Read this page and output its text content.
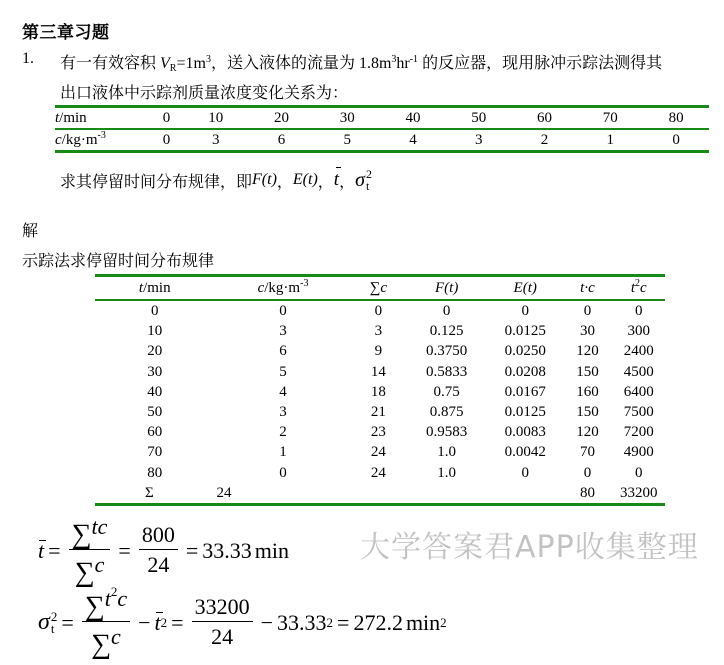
第三章习题
1. 有一有效容积 $V_R=1m^3$，送入液体的流量为 $1.8m^3hr^{-1}$ 的反应器，现用脉冲示踪法测得其
出口液体中示踪剂质量浓度变化关系为：
t/min	0	10	20	30	40	50	60	70	80
$c/kg\cdot m^{-3}$	0	3	6	5	4	3	2	1	0
求其停留时间分布规律，即 F(t) ， E(t) ， t ， σ 2
t
解
示踪法求停留时间分布规律
t/min	$c/kg\cdot m^{-3}$	∑c	F(t)	E(t)	t·c	$t^2c$
0	0	0	0	0	0	0
10	3	3	0.125	0.0125	30	300
20	6	9	0.3750	0.0250	120	2400
30	5	14	0.5833	0.0208	150	4500
40	4	18	0.75	0.0167	160	6400
50	3	21	0.875	0.0125	150	7500
60	2	23	0.9583	0.0083	120	7200
70	1	24	1.0	0.0042	70	4900
80	0	24	1.0	0	0	0
Σ	24				80	33200
大学答案君APP收集整理
$t = \frac{\sum tc}{\sum c} = \frac{800}{24} = 33.33$ min
σ 2
$t = \frac{\sum t^2c}{\sum c} - t$ $2 = \frac{33200}{24} - 33.33$ 2 = 272.2 min 2
